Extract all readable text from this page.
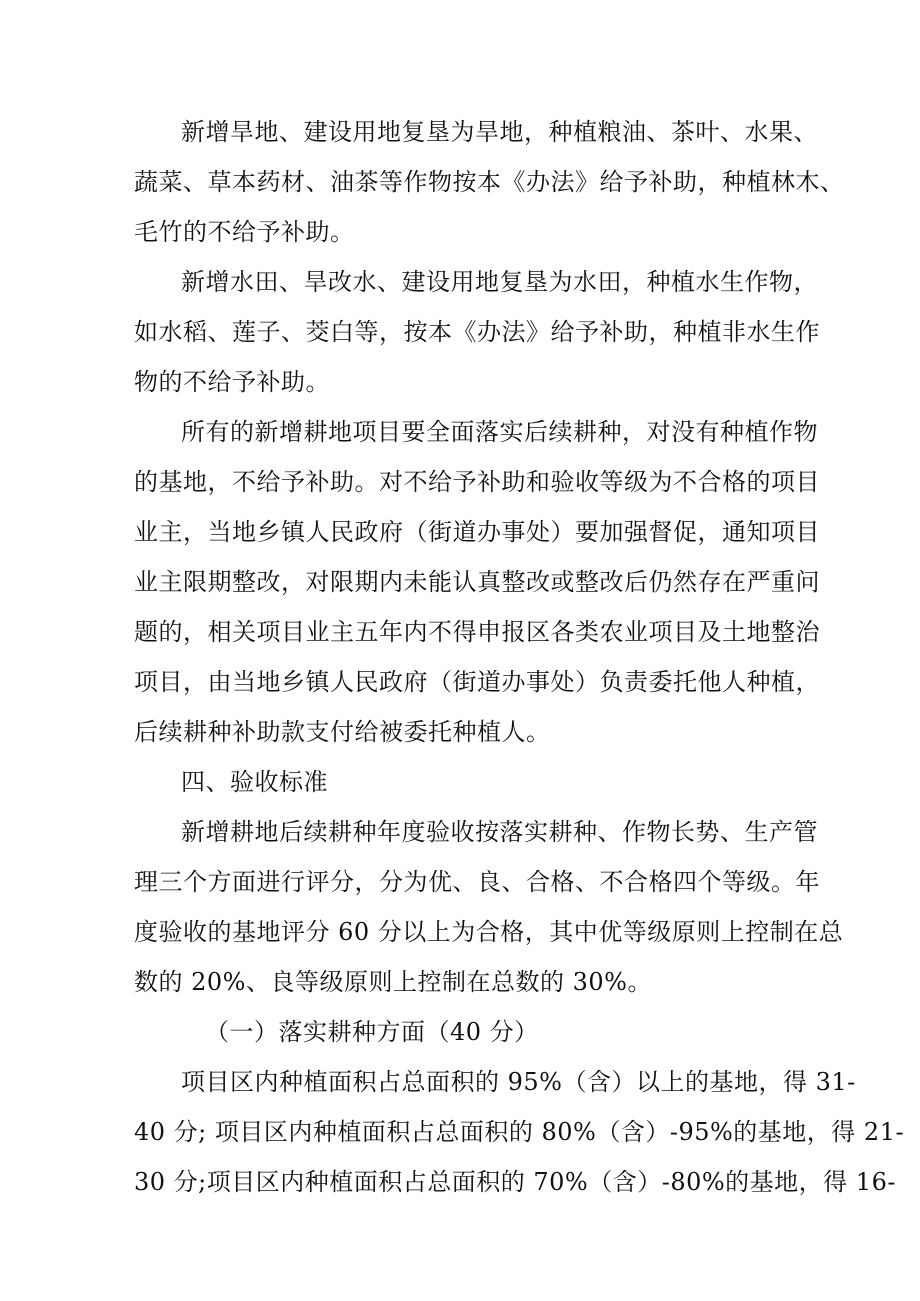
新增旱地、建设用地复垦为旱地，种植粮油、茶叶、水果、
蔬菜、草本药材、油茶等作物按本《办法》给予补助，种植林木、
毛竹的不给予补助。
新增水田、旱改水、建设用地复垦为水田，种植水生作物，
如水稻、莲子、茭白等，按本《办法》给予补助，种植非水生作
物的不给予补助。
所有的新增耕地项目要全面落实后续耕种，对没有种植作物
的基地，不给予补助。对不给予补助和验收等级为不合格的项目
业主，当地乡镇人民政府（街道办事处）要加强督促，通知项目
业主限期整改，对限期内未能认真整改或整改后仍然存在严重问
题的，相关项目业主五年内不得申报区各类农业项目及土地整治
项目，由当地乡镇人民政府（街道办事处）负责委托他人种植，
后续耕种补助款支付给被委托种植人。
四、验收标准
新增耕地后续耕种年度验收按落实耕种、作物长势、生产管
理三个方面进行评分，分为优、良、合格、不合格四个等级。年
度验收的基地评分 60 分以上为合格，其中优等级原则上控制在总
数的 20%、良等级原则上控制在总数的 30%。
（一）落实耕种方面（40 分）
项目区内种植面积占总面积的 95%（含）以上的基地，得 31-
40 分; 项目区内种植面积占总面积的 80%（含）-95%的基地，得 21-
30 分;项目区内种植面积占总面积的 70%（含）-80%的基地，得 16-
